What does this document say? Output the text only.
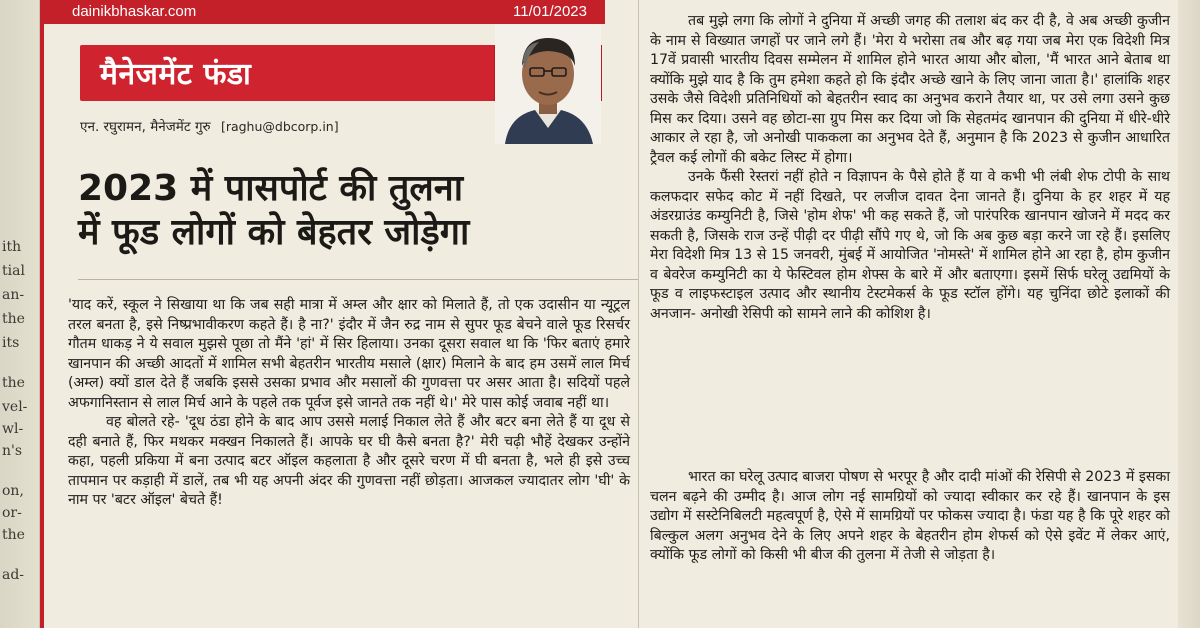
ith
tial
an-
the
its
the
vel-
wl-
n's
on,
or-
the
ad-
dainikbhaskar.com	11/01/2023
मैनेजमेंट फंडा
एन. रघुरामन, मैनेजमेंट गुरु [raghu@dbcorp.in]
2023 में पासपोर्ट की तुलना
में फूड लोगों को बेहतर जोड़ेगा

'याद करें, स्कूल ने सिखाया था कि जब सही मात्रा में अम्ल और क्षार को मिलाते हैं, तो एक उदासीन या न्यूट्रल तरल बनता है, इसे निष्प्रभावीकरण कहते हैं। है ना?' इंदौर में जैन रुद्र नाम से सुपर फूड बेचने वाले फूड रिसर्चर गौतम धाकड़ ने ये सवाल मुझसे पूछा तो मैंने 'हां' में सिर हिलाया। उनका दूसरा सवाल था कि 'फिर बताएं हमारे खानपान की अच्छी आदतों में शामिल सभी बेहतरीन भारतीय मसाले (क्षार) मिलाने के बाद हम उसमें लाल मिर्च (अम्ल) क्यों डाल देते हैं जबकि इससे उसका प्रभाव और मसालों की गुणवत्ता पर असर आता है। सदियों पहले अफगानिस्तान से लाल मिर्च आने के पहले तक पूर्वज इसे जानते तक नहीं थे।' मेरे पास कोई जवाब नहीं था।

वह बोलते रहे- 'दूध ठंडा होने के बाद आप उससे मलाई निकाल लेते हैं और बटर बना लेते हैं या दूध से दही बनाते हैं, फिर मथकर मक्खन निकालते हैं। आपके घर घी कैसे बनता है?' मेरी चढ़ी भौहें देखकर उन्होंने कहा, पहली प्रकिया में बना उत्पाद बटर ऑइल कहलाता है और दूसरे चरण में घी बनता है, भले ही इसे उच्च तापमान पर कड़ाही में डालें, तब भी यह अपनी अंदर की गुणवत्ता नहीं छोड़ता। आजकल ज्यादातर लोग 'घी' के नाम पर 'बटर ऑइल' बेचते हैं!

तब मुझे लगा कि लोगों ने दुनिया में अच्छी जगह की तलाश बंद कर दी है, वे अब अच्छी कुजीन के नाम से विख्यात जगहों पर जाने लगे हैं। 'मेरा ये भरोसा तब और बढ़ गया जब मेरा एक विदेशी मित्र 17वें प्रवासी भारतीय दिवस सम्मेलन में शामिल होने भारत आया और बोला, 'मैं भारत आने बेताब था क्योंकि मुझे याद है कि तुम हमेशा कहते हो कि इंदौर अच्छे खाने के लिए जाना जाता है।' हालांकि शहर उसके जैसे विदेशी प्रतिनिधियों को बेहतरीन स्वाद का अनुभव कराने तैयार था, पर उसे लगा उसने कुछ मिस कर दिया। उसने वह छोटा-सा ग्रुप मिस कर दिया जो कि सेहतमंद खानपान की दुनिया में धीरे-धीरे आकार ले रहा है, जो अनोखी पाककला का अनुभव देते हैं, अनुमान है कि 2023 से कुजीन आधारित ट्रैवल कई लोगों की बकेट लिस्ट में होगा।

उनके फैंसी रेस्तरां नहीं होते न विज्ञापन के पैसे होते हैं या वे कभी भी लंबी शेफ टोपी के साथ कलफदार सफेद कोट में नहीं दिखते, पर लजीज दावत देना जानते हैं। दुनिया के हर शहर में यह अंडरग्राउंड कम्युनिटी है, जिसे 'होम शेफ' भी कह सकते हैं, जो पारंपरिक खानपान खोजने में मदद कर सकती है, जिसके राज उन्हें पीढ़ी दर पीढ़ी सौंपे गए थे, जो कि अब कुछ बड़ा करने जा रहे हैं। इसलिए मेरा विदेशी मित्र 13 से 15 जनवरी, मुंबई में आयोजित 'नोमस्ते' में शामिल होने आ रहा है, होम कुजीन व बेवरेज कम्युनिटी का ये फेस्टिवल होम शेफ्स के बारे में और बताएगा। इसमें सिर्फ घरेलू उद्यमियों के फूड व लाइफस्टाइल उत्पाद और स्थानीय टेस्टमेकर्स के फूड स्टॉल होंगे। यह चुनिंदा छोटे इलाकों की अनजान- अनोखी रेसिपी को सामने लाने की कोशिश है।

भारत का घरेलू उत्पाद बाजरा पोषण से भरपूर है और दादी मांओं की रेसिपी से 2023 में इसका चलन बढ़ने की उम्मीद है। आज लोग नई सामग्रियों को ज्यादा स्वीकार कर रहे हैं। खानपान के इस उद्योग में सस्टेनिबिलटी महत्वपूर्ण है, ऐसे में सामग्रियों पर फोकस ज्यादा है। फंडा यह है कि पूरे शहर को बिल्कुल अलग अनुभव देने के लिए अपने शहर के बेहतरीन होम शेफर्स को ऐसे इवेंट में लेकर आएं, क्योंकि फूड लोगों को किसी भी बीज की तुलना में तेजी से जोड़ता है।
